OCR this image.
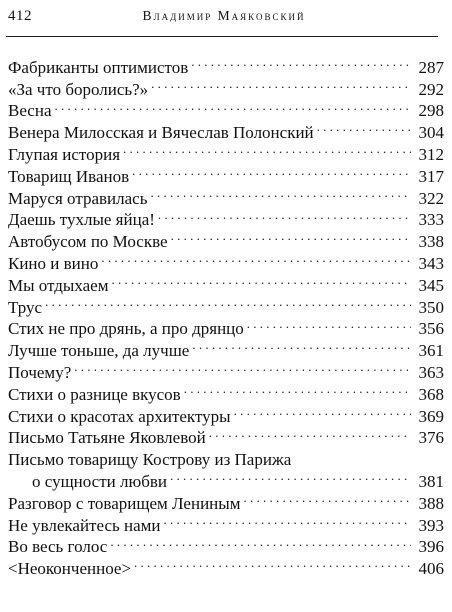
412	Владимир Маяковский
Фабриканты оптимистов . . .	287
«За что боролись?» . . .	292
Весна . . .	298
Венера Милосская и Вячеслав Полонский . . .	304
Глупая история . . .	312
Товарищ Иванов . . .	317
Маруся отравилась . . .	322
Даешь тухлые яйца! . . .	333
Автобусом по Москве . . .	338
Кино и вино . . .	343
Мы отдыхаем . . .	345
Трус . . .	350
Стих не про дрянь, а про дрянцо . . .	356
Лучше тоньше, да лучше . . .	361
Почему? . . .	363
Стихи о разнице вкусов . . .	368
Стихи о красотах архитектуры . . .	369
Письмо Татьяне Яковлевой . . .	376
Письмо товарищу Кострову из Парижа
о сущности любви . . .	381
Разговор с товарищем Лениным . . .	388
Не увлекайтесь нами . . .	393
Во весь голос . . .	396
<Неоконченное> . . .	406
